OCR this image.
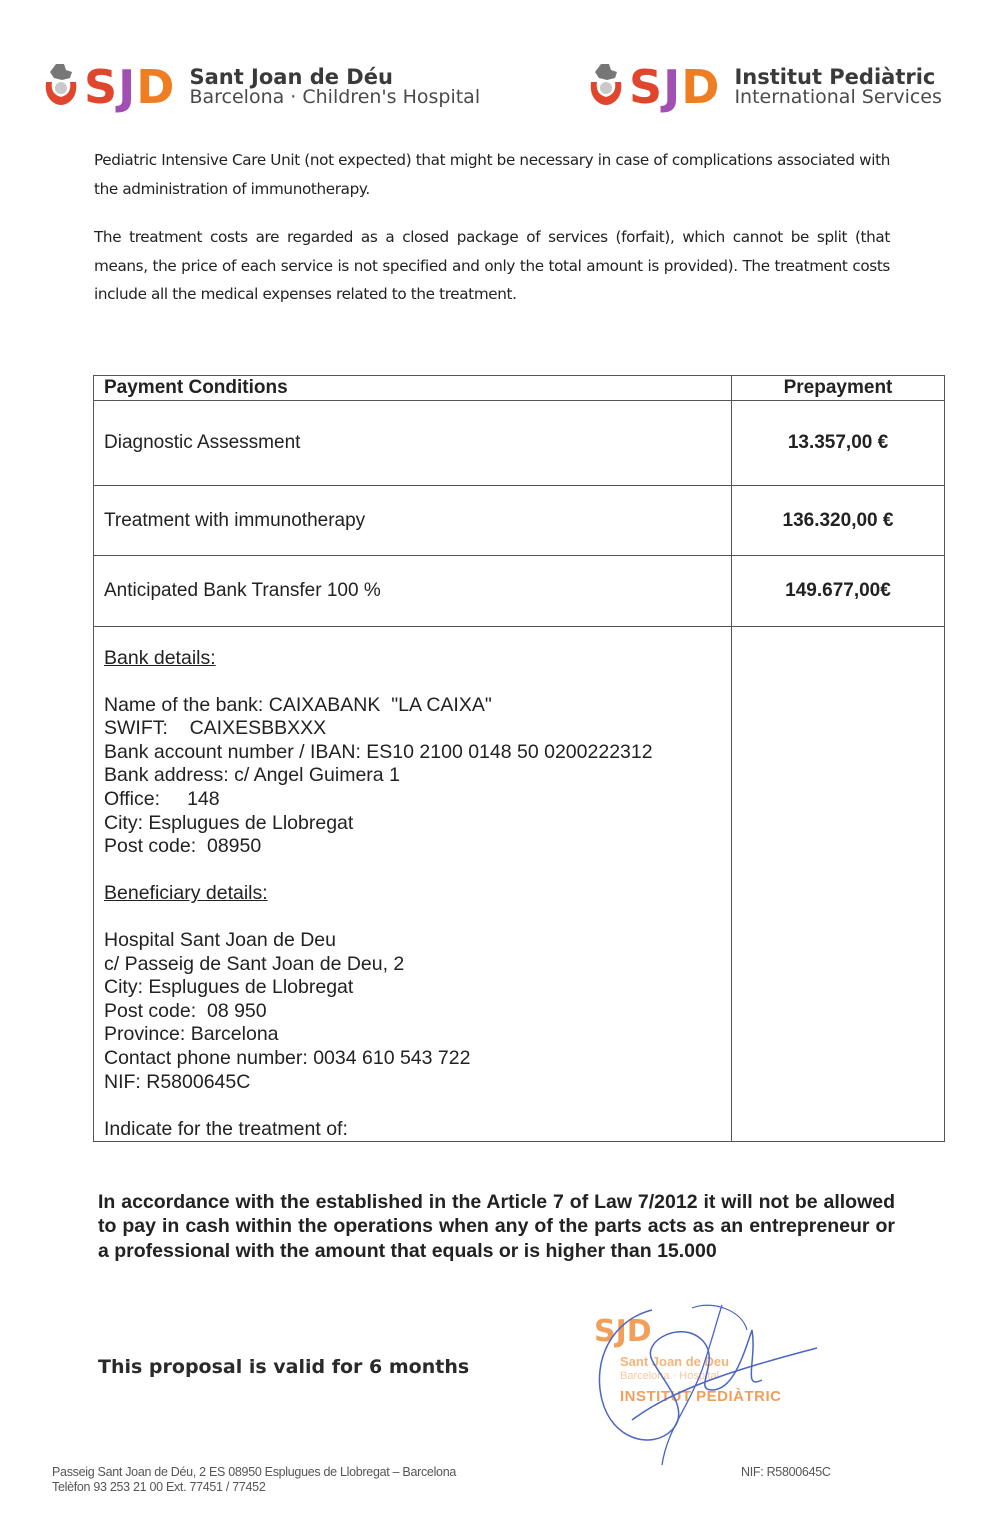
SJD Sant Joan de Déu
Barcelona · Children's Hospital	SJD Institut Pediàtric
International Services

Pediatric Intensive Care Unit (not expected) that might be necessary in case of complications associated with the administration of immunotherapy.

The treatment costs are regarded as a closed package of services (forfait), which cannot be split (that means, the price of each service is not specified and only the total amount is provided). The treatment costs include all the medical expenses related to the treatment.

Payment Conditions	Prepayment
Diagnostic Assessment	13.357,00 €
Treatment with immunotherapy	136.320,00 €
Anticipated Bank Transfer 100 %	149.677,00€

Bank details:
Name of the bank: CAIXABANK  "LA CAIXA"
SWIFT:    CAIXESBBXXX
Bank account number / IBAN: ES10 2100 0148 50 0200222312
Bank address: c/ Angel Guimera 1
Office:     148
City: Esplugues de Llobregat
Post code:  08950
Beneficiary details:
Hospital Sant Joan de Deu
c/ Passeig de Sant Joan de Deu, 2
City: Esplugues de Llobregat
Post code:  08 950
Province: Barcelona
Contact phone number: 0034 610 543 722
NIF: R5800645C
Indicate for the treatment of:

In accordance with the established in the Article 7 of Law 7/2012 it will not be allowed to pay in cash within the operations when any of the parts acts as an entrepreneur or a professional with the amount that equals or is higher than 15.000
This proposal is valid for 6 months
SJD
Sant Joan de Deu
Barcelona · Hospital
INSTITUT PEDIÀTRIC
Passeig Sant Joan de Déu, 2 ES 08950 Esplugues de Llobregat – Barcelona
Telèfon 93 253 21 00 Ext. 77451 / 77452
NIF: R5800645C
